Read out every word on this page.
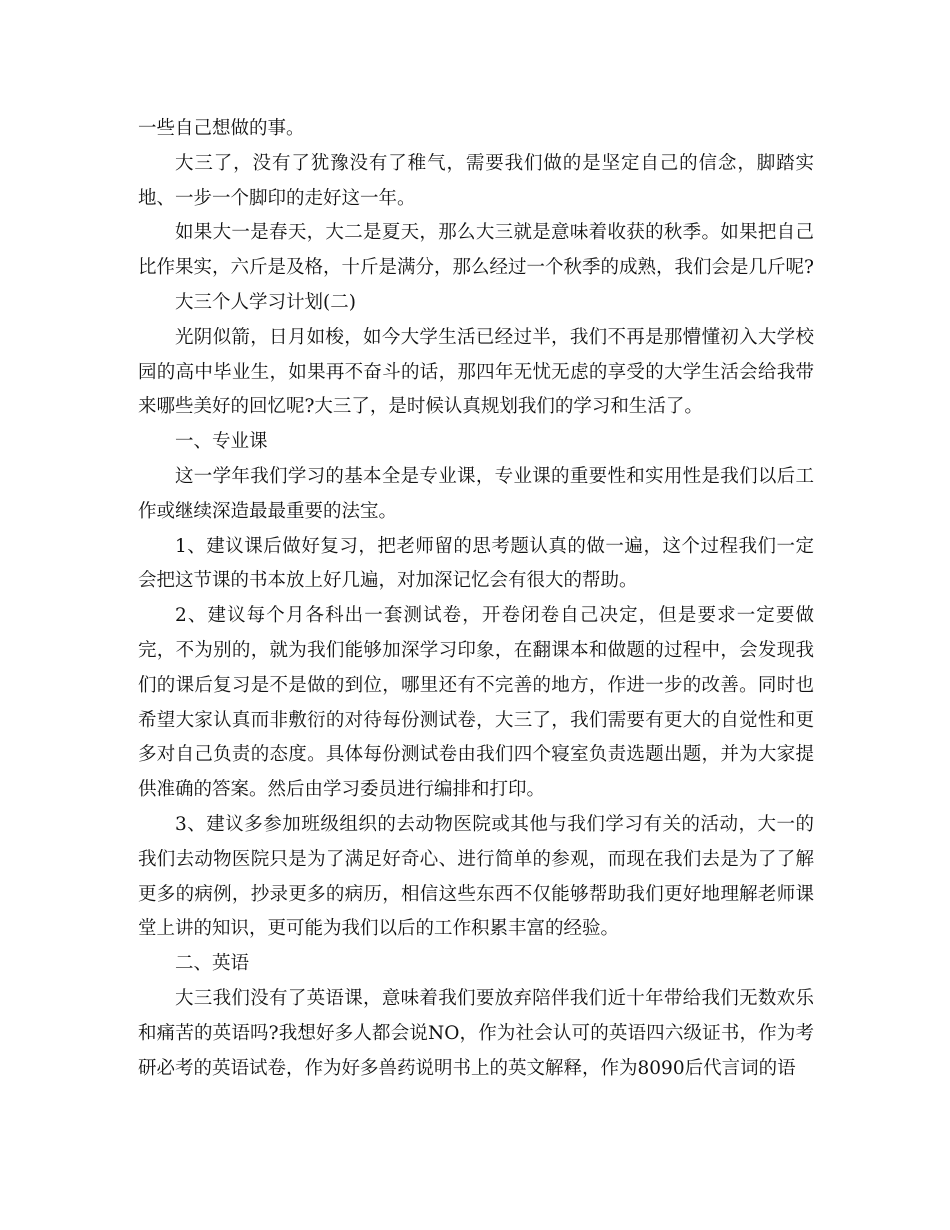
一些自己想做的事。

大三了，没有了犹豫没有了稚气，需要我们做的是坚定自己的信念，脚踏实地、一步一个脚印的走好这一年。

如果大一是春天，大二是夏天，那么大三就是意味着收获的秋季。如果把自己比作果实，六斤是及格，十斤是满分，那么经过一个秋季的成熟，我们会是几斤呢?

大三个人学习计划(二)

光阴似箭，日月如梭，如今大学生活已经过半，我们不再是那懵懂初入大学校园的高中毕业生，如果再不奋斗的话，那四年无忧无虑的享受的大学生活会给我带来哪些美好的回忆呢?大三了，是时候认真规划我们的学习和生活了。

一、专业课

这一学年我们学习的基本全是专业课，专业课的重要性和实用性是我们以后工作或继续深造最最重要的法宝。

1、建议课后做好复习，把老师留的思考题认真的做一遍，这个过程我们一定会把这节课的书本放上好几遍，对加深记忆会有很大的帮助。

2、建议每个月各科出一套测试卷，开卷闭卷自己决定，但是要求一定要做完，不为别的，就为我们能够加深学习印象，在翻课本和做题的过程中，会发现我们的课后复习是不是做的到位，哪里还有不完善的地方，作进一步的改善。同时也希望大家认真而非敷衍的对待每份测试卷，大三了，我们需要有更大的自觉性和更多对自己负责的态度。具体每份测试卷由我们四个寝室负责选题出题，并为大家提供准确的答案。然后由学习委员进行编排和打印。

3、建议多参加班级组织的去动物医院或其他与我们学习有关的活动，大一的我们去动物医院只是为了满足好奇心、进行简单的参观，而现在我们去是为了了解更多的病例，抄录更多的病历，相信这些东西不仅能够帮助我们更好地理解老师课堂上讲的知识，更可能为我们以后的工作积累丰富的经验。

二、英语

大三我们没有了英语课，意味着我们要放弃陪伴我们近十年带给我们无数欢乐和痛苦的英语吗?我想好多人都会说NO，作为社会认可的英语四六级证书，作为考研必考的英语试卷，作为好多兽药说明书上的英文解释，作为8090后代言词的语
